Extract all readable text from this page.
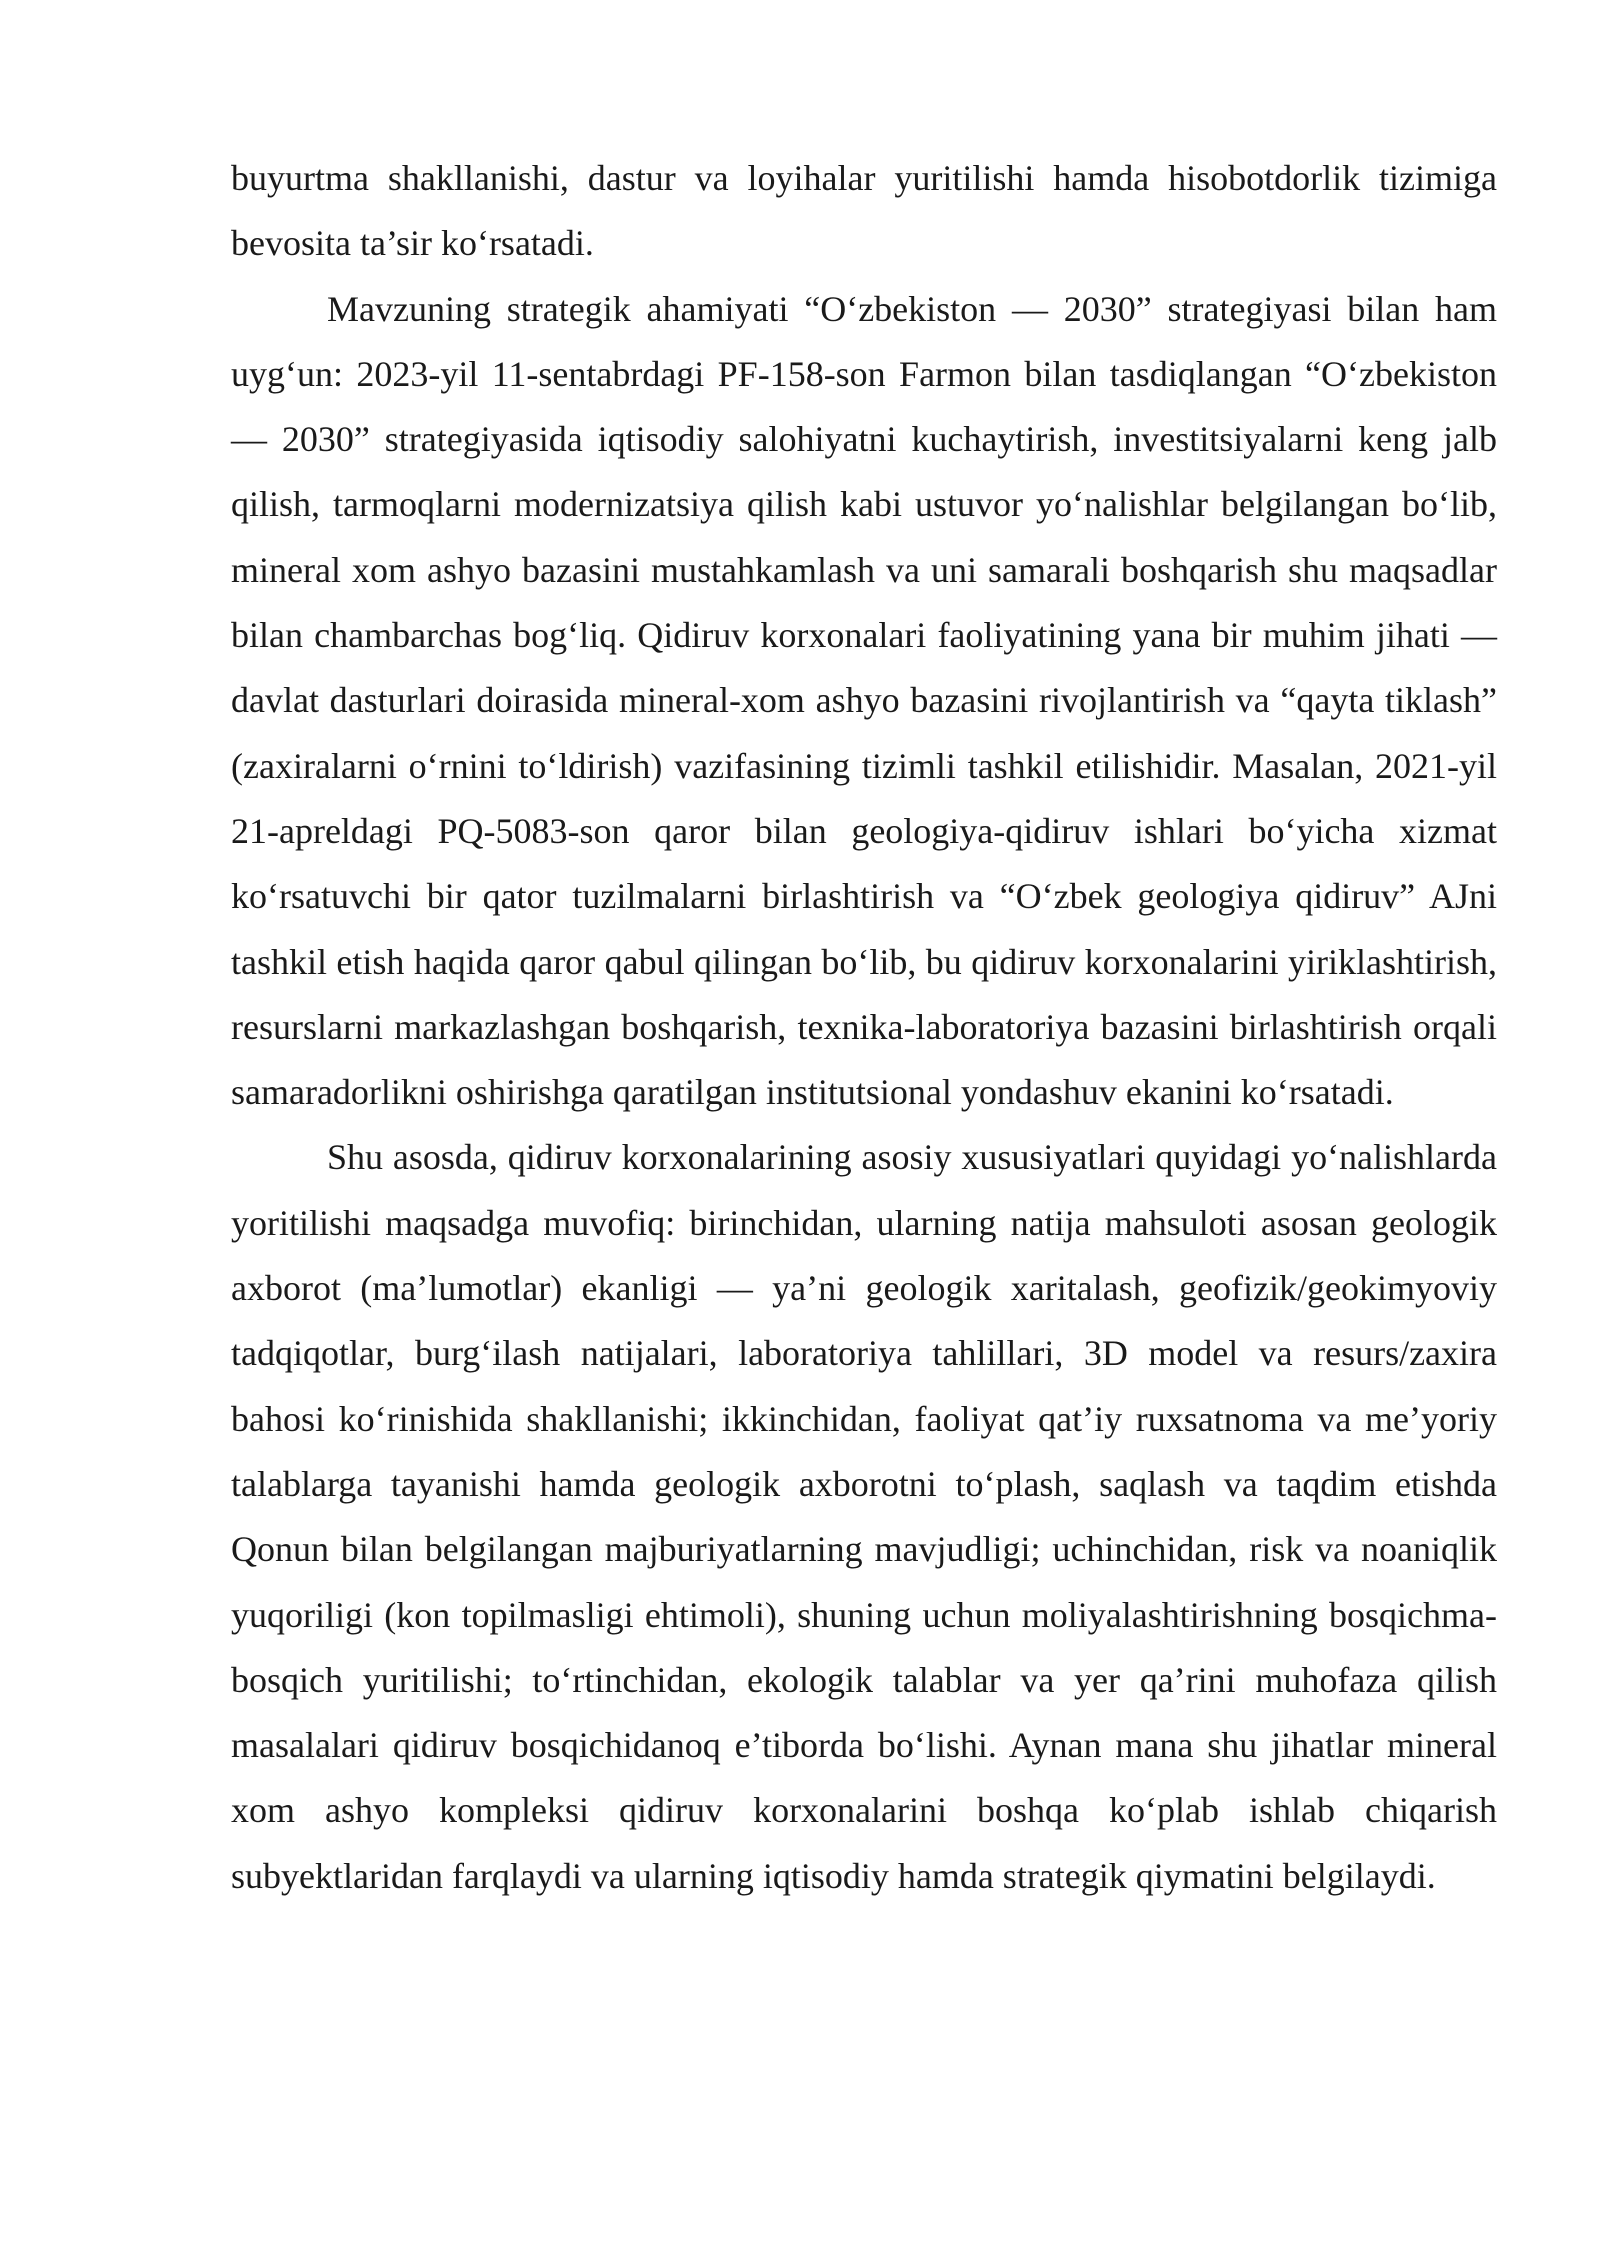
buyurtma shakllanishi, dastur va loyihalar yuritilishi hamda hisobotdorlik tizimiga bevosita ta’sir ko‘rsatadi.

Mavzuning strategik ahamiyati “O‘zbekiston — 2030” strategiyasi bilan ham uyg‘un: 2023-yil 11-sentabrdagi PF-158-son Farmon bilan tasdiqlangan “O‘zbekiston — 2030” strategiyasida iqtisodiy salohiyatni kuchaytirish, investitsiyalarni keng jalb qilish, tarmoqlarni modernizatsiya qilish kabi ustuvor yo‘nalishlar belgilangan bo‘lib, mineral xom ashyo bazasini mustahkamlash va uni samarali boshqarish shu maqsadlar bilan chambarchas bog‘liq. Qidiruv korxonalari faoliyatining yana bir muhim jihati — davlat dasturlari doirasida mineral-xom ashyo bazasini rivojlantirish va “qayta tiklash” (zaxiralarni o‘rnini to‘ldirish) vazifasining tizimli tashkil etilishidir. Masalan, 2021-yil 21-apreldagi PQ-5083-son qaror bilan geologiya-qidiruv ishlari bo‘yicha xizmat ko‘rsatuvchi bir qator tuzilmalarni birlashtirish va “O‘zbek geologiya qidiruv” AJni tashkil etish haqida qaror qabul qilingan bo‘lib, bu qidiruv korxonalarini yiriklashtirish, resurslarni markazlashgan boshqarish, texnika-laboratoriya bazasini birlashtirish orqali samaradorlikni oshirishga qaratilgan institutsional yondashuv ekanini ko‘rsatadi.

Shu asosda, qidiruv korxonalarining asosiy xususiyatlari quyidagi yo‘nalishlarda yoritilishi maqsadga muvofiq: birinchidan, ularning natija mahsuloti asosan geologik axborot (ma’lumotlar) ekanligi — ya’ni geologik xaritalash, geofizik/geokimyoviy tadqiqotlar, burg‘ilash natijalari, laboratoriya tahlillari, 3D model va resurs/zaxira bahosi ko‘rinishida shakllanishi; ikkinchidan, faoliyat qat’iy ruxsatnoma va me’yoriy talablarga tayanishi hamda geologik axborotni to‘plash, saqlash va taqdim etishda Qonun bilan belgilangan majburiyatlarning mavjudligi; uchinchidan, risk va noaniqlik yuqoriligi (kon topilmasligi ehtimoli), shuning uchun moliyalashtirishning bosqichma-bosqich yuritilishi; to‘rtinchidan, ekologik talablar va yer qa’rini muhofaza qilish masalalari qidiruv bosqichidanoq e’tiborda bo‘lishi. Aynan mana shu jihatlar mineral xom ashyo kompleksi qidiruv korxonalarini boshqa ko‘plab ishlab chiqarish subyektlaridan farqlaydi va ularning iqtisodiy hamda strategik qiymatini belgilaydi.
